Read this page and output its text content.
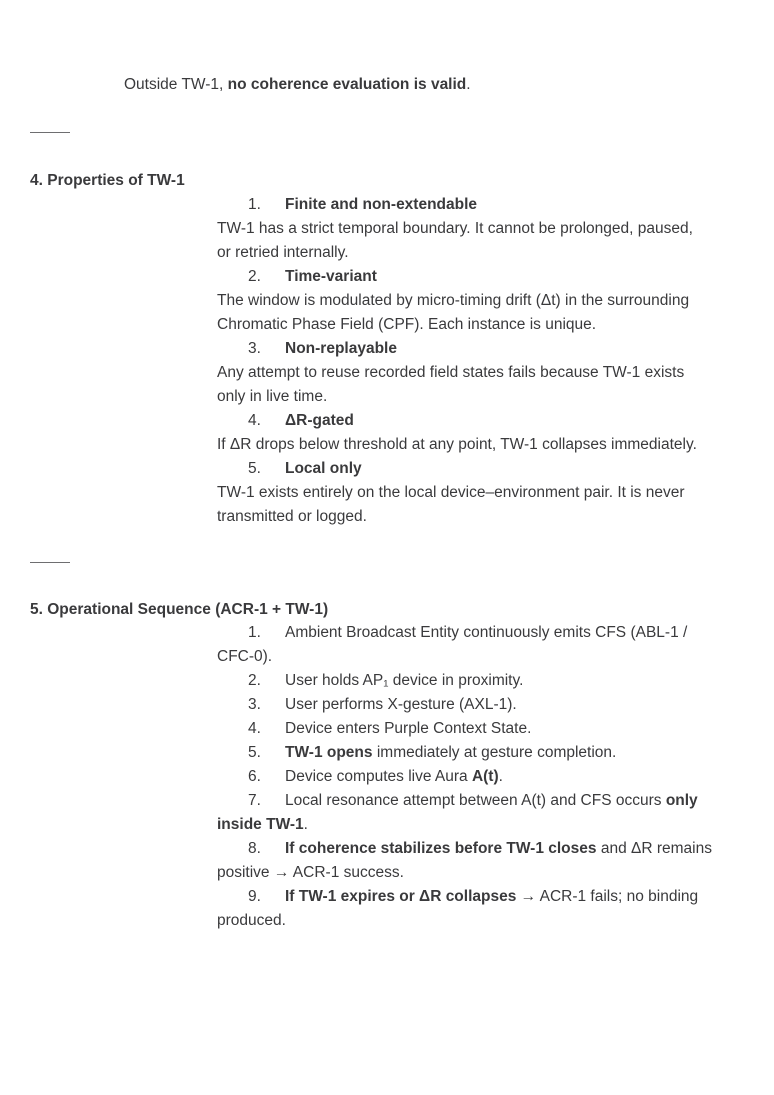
Outside TW-1, no coherence evaluation is valid.
4. Properties of TW-1
1.	Finite and non-extendable
TW-1 has a strict temporal boundary. It cannot be prolonged, paused,
or retried internally.
2.	Time-variant
The window is modulated by micro-timing drift (Δt) in the surrounding
Chromatic Phase Field (CPF). Each instance is unique.
3.	Non-replayable
Any attempt to reuse recorded field states fails because TW-1 exists
only in live time.
4.	ΔR-gated
If ΔR drops below threshold at any point, TW-1 collapses immediately.
5.	Local only
TW-1 exists entirely on the local device–environment pair. It is never
transmitted or logged.
5. Operational Sequence (ACR-1 + TW-1)
1.	Ambient Broadcast Entity continuously emits CFS (ABL-1 /
CFC-0).
2.	User holds AP₁ device in proximity.
3.	User performs X-gesture (AXL-1).
4.	Device enters Purple Context State.
5.	TW-1 opens immediately at gesture completion.
6.	Device computes live Aura A(t).
7.	Local resonance attempt between A(t) and CFS occurs only
inside TW-1.
8.	If coherence stabilizes before TW-1 closes and ΔR remains
positive → ACR-1 success.
9.	If TW-1 expires or ΔR collapses → ACR-1 fails; no binding
produced.
